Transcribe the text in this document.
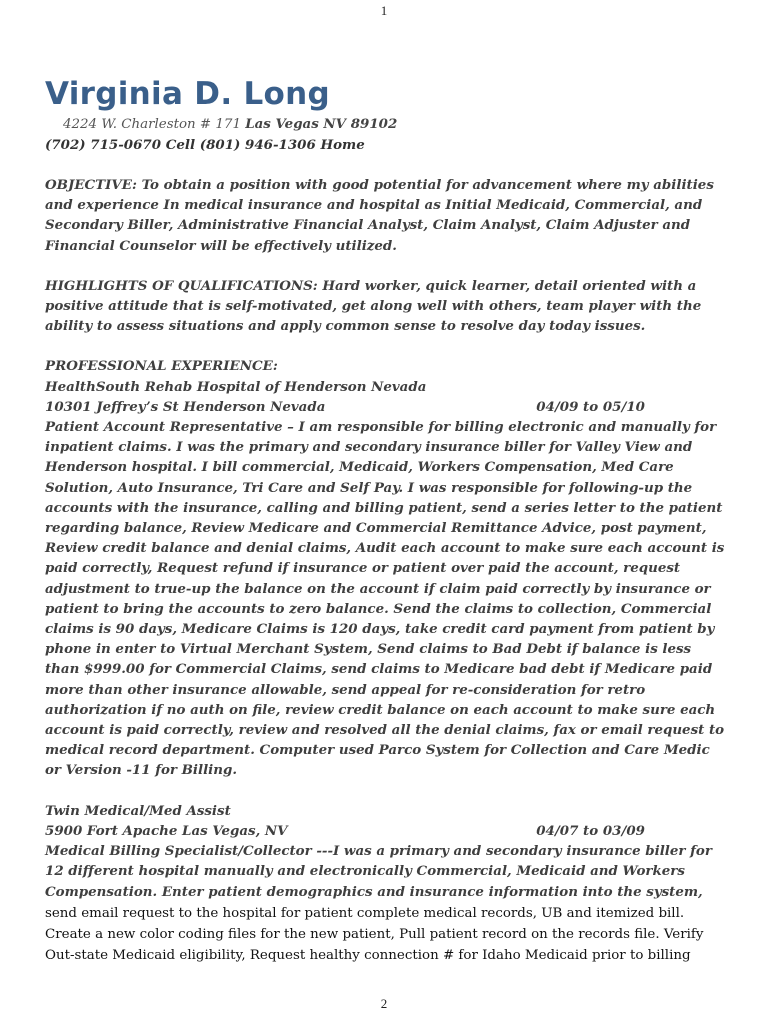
1
Virginia D. Long
4224 W. Charleston # 171 Las Vegas NV 89102
(702) 715-0670 Cell (801) 946-1306 Home

OBJECTIVE: To obtain a position with good potential for advancement where my abilities and experience In medical insurance and hospital as Initial Medicaid, Commercial, and Secondary Biller, Administrative Financial Analyst, Claim Analyst, Claim Adjuster and Financial Counselor will be effectively utilized.

HIGHLIGHTS OF QUALIFICATIONS: Hard worker, quick learner, detail oriented with a positive attitude that is self-motivated, get along well with others, team player with the ability to assess situations and apply common sense to resolve day today issues.

PROFESSIONAL EXPERIENCE:

HealthSouth Rehab Hospital of Henderson Nevada

10301 Jeffrey’s St Henderson Nevada	04/09 to 05/10

Patient Account Representative – I am responsible for billing electronic and manually for inpatient claims. I was the primary and secondary insurance biller for Valley View and Henderson hospital. I bill commercial, Medicaid, Workers Compensation, Med Care Solution, Auto Insurance, Tri Care and Self Pay. I was responsible for following-up the accounts with the insurance, calling and billing patient, send a series letter to the patient regarding balance, Review Medicare and Commercial Remittance Advice, post payment, Review credit balance and denial claims, Audit each account to make sure each account is paid correctly, Request refund if insurance or patient over paid the account, request adjustment to true-up the balance on the account if claim paid correctly by insurance or patient to bring the accounts to zero balance. Send the claims to collection, Commercial claims is 90 days, Medicare Claims is 120 days, take credit card payment from patient by phone in enter to Virtual Merchant System, Send claims to Bad Debt if balance is less than $999.00 for Commercial Claims, send claims to Medicare bad debt if Medicare paid more than other insurance allowable, send appeal for re-consideration for retro authorization if no auth on file, review credit balance on each account to make sure each account is paid correctly, review and resolved all the denial claims, fax or email request to medical record department. Computer used Parco System for Collection and Care Medic or Version -11 for Billing.

Twin Medical/Med Assist

5900 Fort Apache Las Vegas, NV	04/07 to 03/09

Medical Billing Specialist/Collector ---I was a primary and secondary insurance biller for 12 different hospital manually and electronically Commercial, Medicaid and Workers Compensation. Enter patient demographics and insurance information into the system, send email request to the hospital for patient complete medical records, UB and itemized bill. Create a new color coding files for the new patient, Pull patient record on the records file. Verify Out-state Medicaid eligibility, Request healthy connection # for Idaho Medicaid prior to billing

2
